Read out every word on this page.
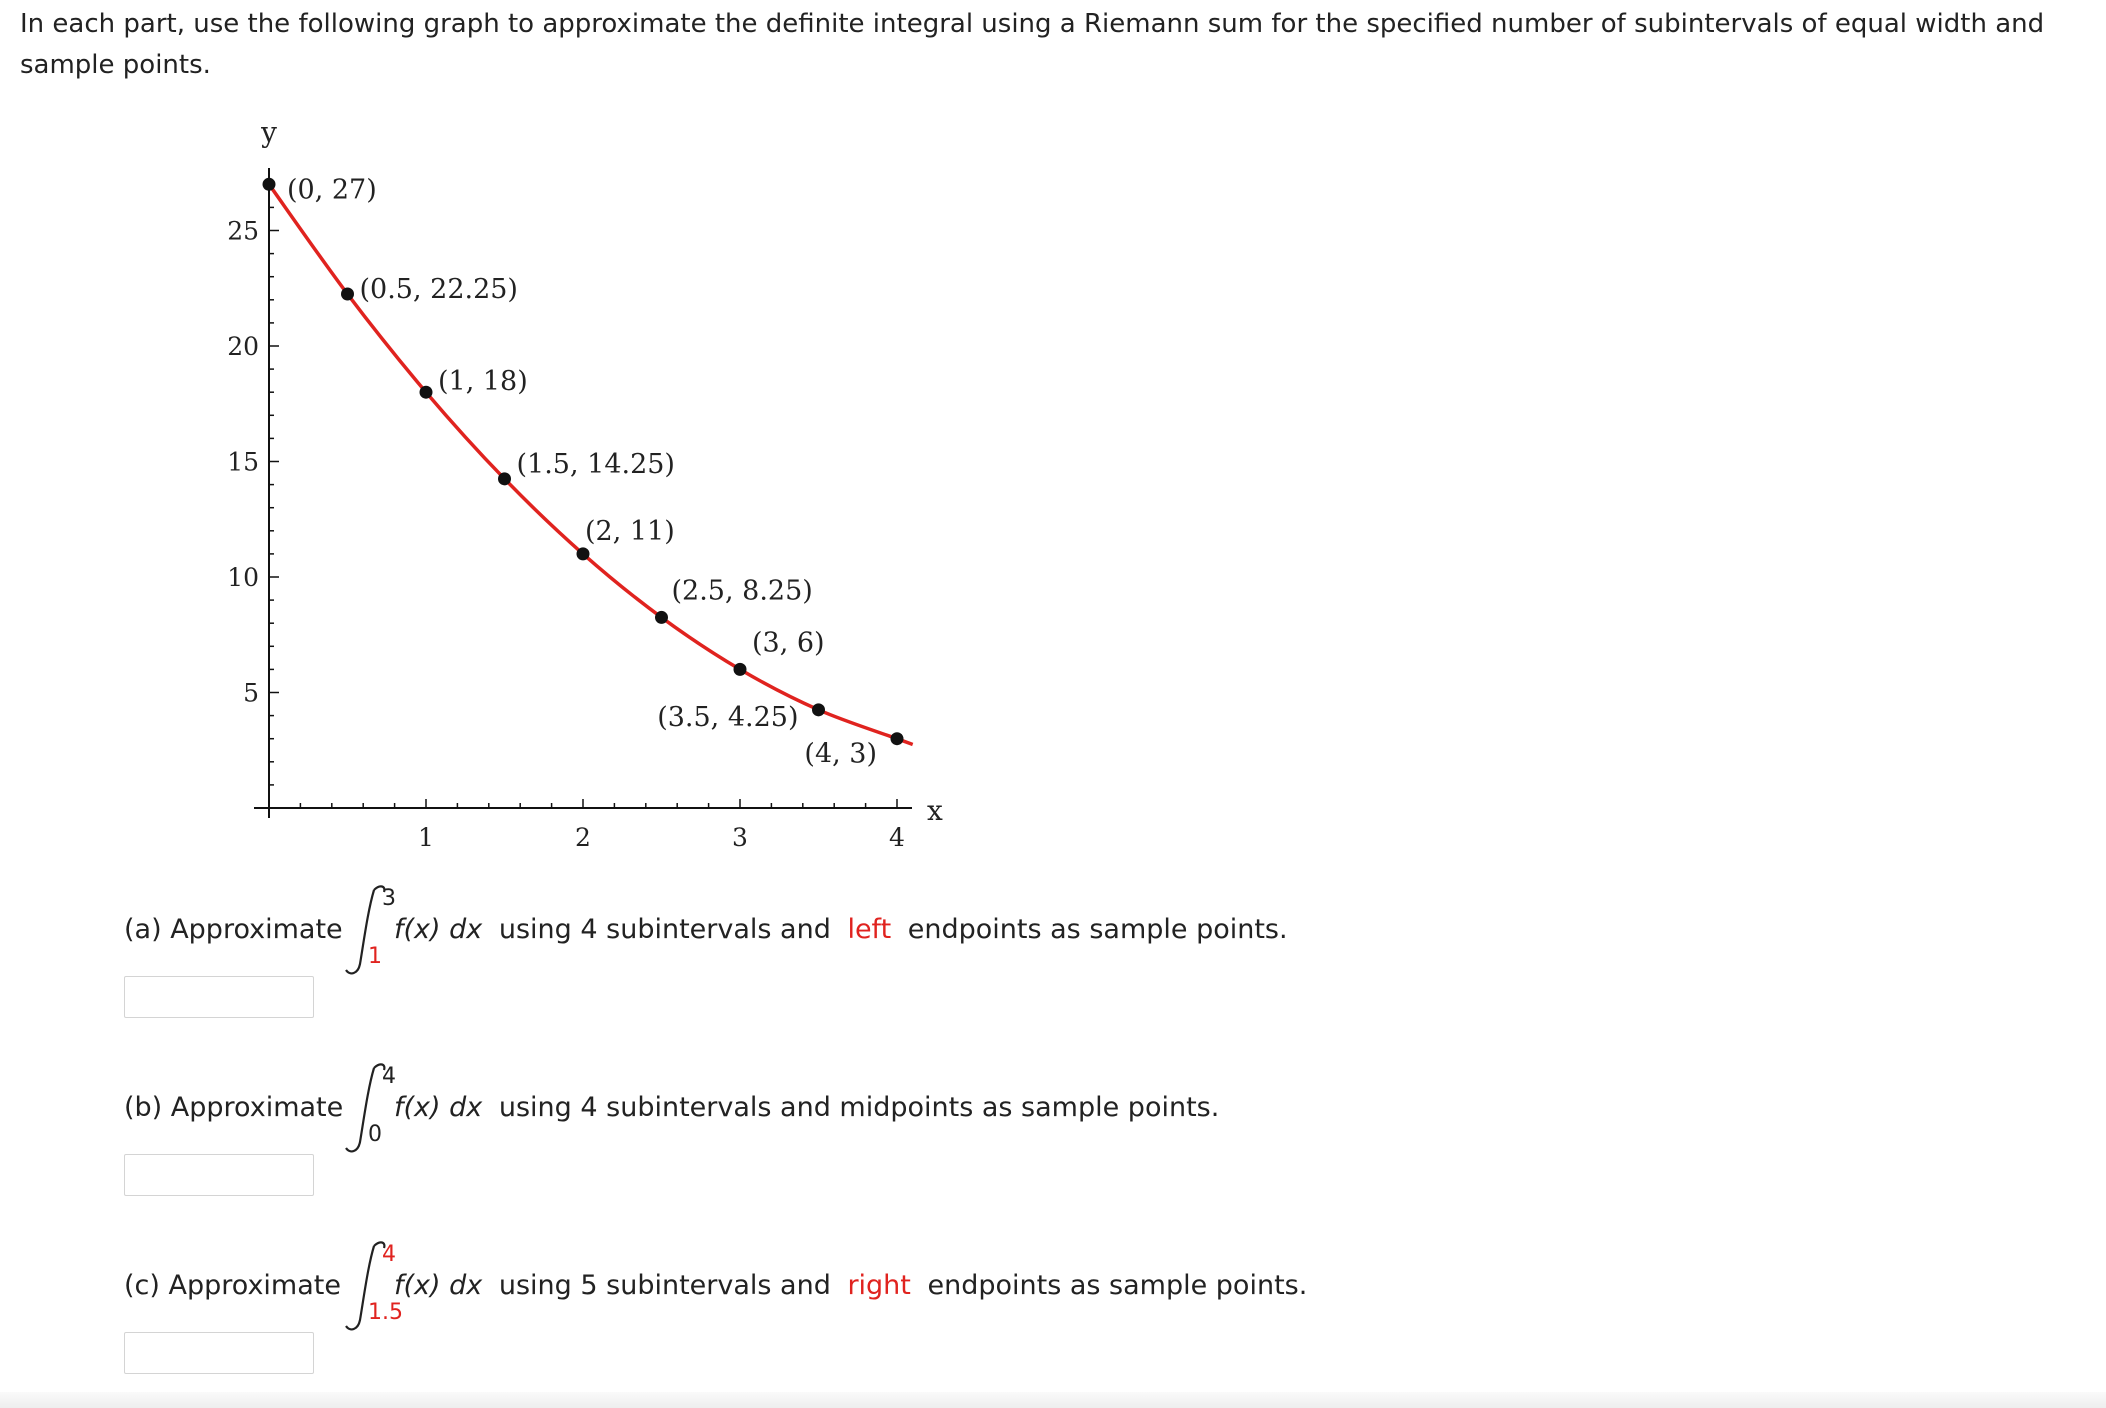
In each part, use the following graph to approximate the definite integral using a Riemann sum for the specified number of subintervals of equal width and sample points.

1	2	3	4
5
10
15
20
25
x
y
(0, 27)
(0.5, 22.25)
(1, 18)
(1.5, 14.25)
(2, 11)
(2.5, 8.25)
(3, 6)
(3.5, 4.25)
(4, 3)
(a) Approximate
3
1
f(x) dx using 4 subintervals and left endpoints as sample points.
(b) Approximate
4
0
f(x) dx using 4 subintervals and midpoints as sample points.
(c) Approximate
4
1.5
f(x) dx using 5 subintervals and right endpoints as sample points.
